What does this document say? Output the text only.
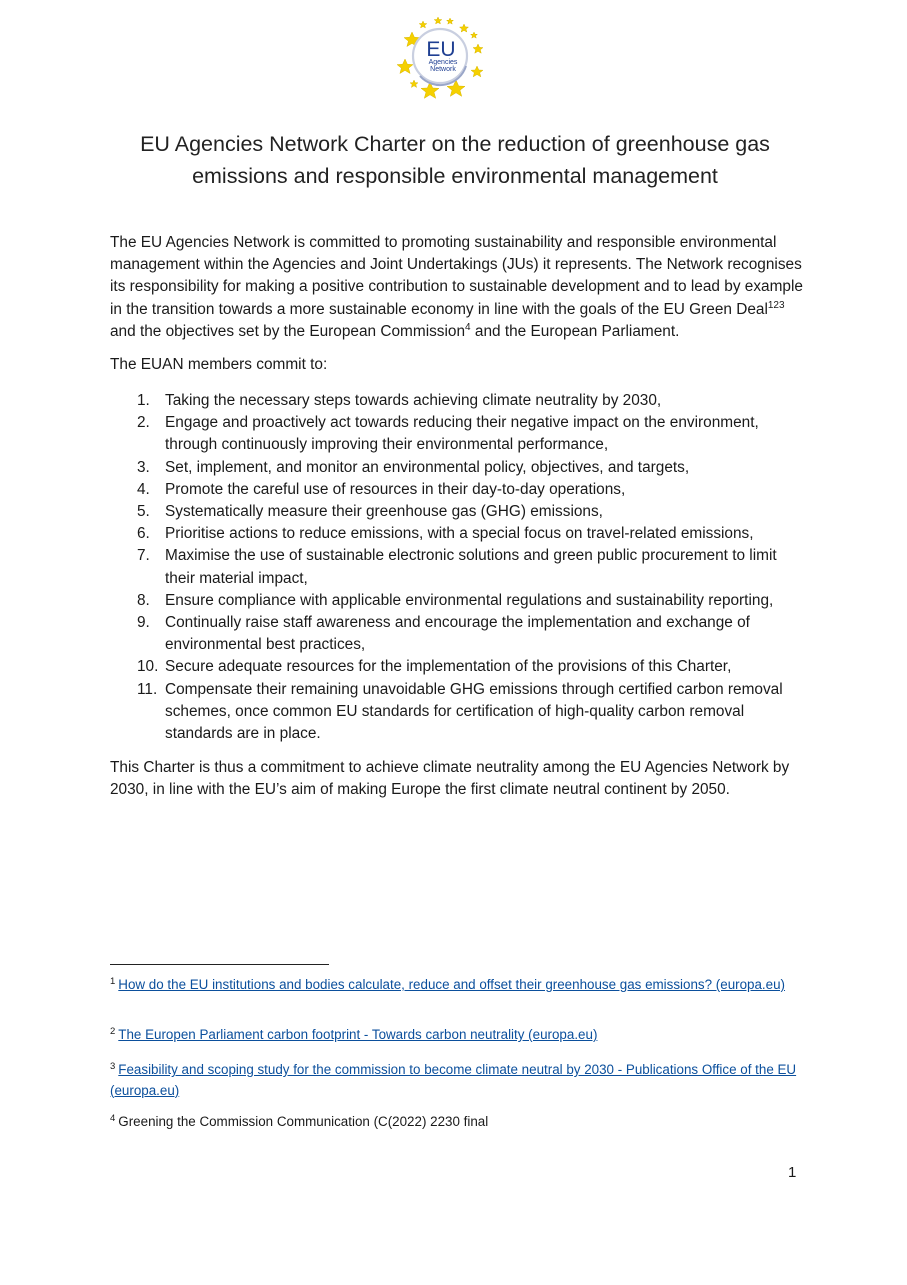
EU
Agencies
Network
EU Agencies Network Charter on the reduction of greenhouse gas
emissions and responsible environmental management

The EU Agencies Network is committed to promoting sustainability and responsible environmental management within the Agencies and Joint Undertakings (JUs) it represents. The Network recognises its responsibility for making a positive contribution to sustainable development and to lead by example in the transition towards a more sustainable economy in line with the goals of the EU Green Deal$^{123}$ and the objectives set by the European Commission$^4$ and the European Parliament.

The EUAN members commit to:

1. Taking the necessary steps towards achieving climate neutrality by 2030,
2. Engage and proactively act towards reducing their negative impact on the environment, through continuously improving their environmental performance,
3. Set, implement, and monitor an environmental policy, objectives, and targets,
4. Promote the careful use of resources in their day-to-day operations,
5. Systematically measure their greenhouse gas (GHG) emissions,
6. Prioritise actions to reduce emissions, with a special focus on travel-related emissions,
7. Maximise the use of sustainable electronic solutions and green public procurement to limit their material impact,
8. Ensure compliance with applicable environmental regulations and sustainability reporting,
9. Continually raise staff awareness and encourage the implementation and exchange of environmental best practices,
10. Secure adequate resources for the implementation of the provisions of this Charter,
11. Compensate their remaining unavoidable GHG emissions through certified carbon removal schemes, once common EU standards for certification of high-quality carbon removal standards are in place.

This Charter is thus a commitment to achieve climate neutrality among the EU Agencies Network by 2030, in line with the EU’s aim of making Europe the first climate neutral continent by 2050.

$^1$ How do the EU institutions and bodies calculate, reduce and offset their greenhouse gas emissions? (europa.eu)

$^2$ The Europen Parliament carbon footprint - Towards carbon neutrality (europa.eu)

$^3$ Feasibility and scoping study for the commission to become climate neutral by 2030 - Publications Office of the EU (europa.eu)

$^4$ Greening the Commission Communication (C(2022) 2230 final

1
